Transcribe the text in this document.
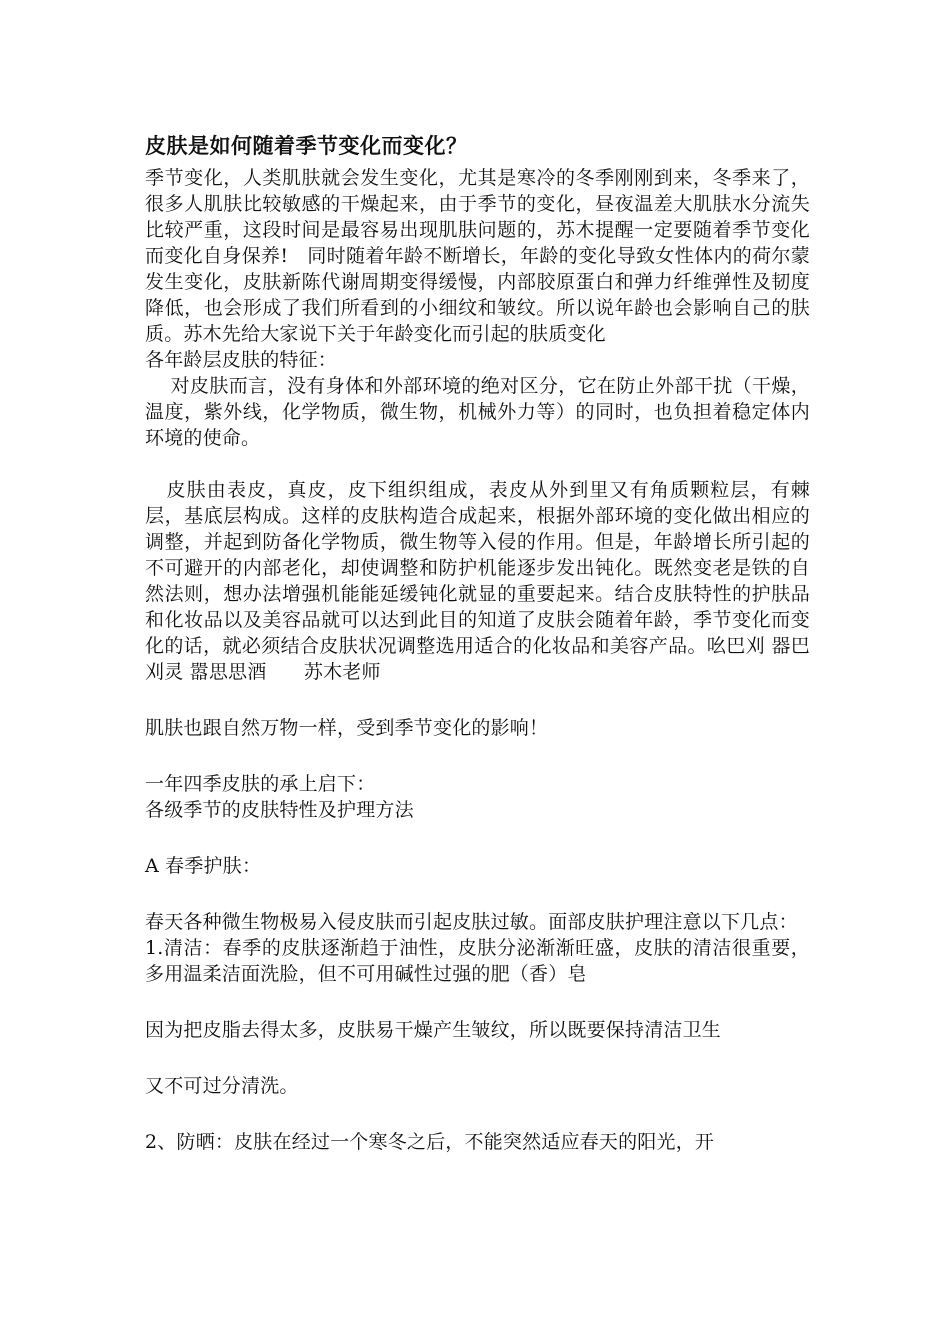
皮肤是如何随着季节变化而变化？

季节变化，人类肌肤就会发生变化，尤其是寒冷的冬季刚刚到来，冬季来了，很多人肌肤比较敏感的干燥起来，由于季节的变化，昼夜温差大肌肤水分流失比较严重，这段时间是最容易出现肌肤问题的，苏木提醒一定要随着季节变化而变化自身保养!   同时随着年龄不断增长，年龄的变化导致女性体内的荷尔蒙发生变化，皮肤新陈代谢周期变得缓慢，内部胶原蛋白和弹力纤维弹性及韧度降低，也会形成了我们所看到的小细纹和皱纹。所以说年龄也会影响自己的肤质。苏木先给大家说下关于年龄变化而引起的肤质变化

各年龄层皮肤的特征：

对皮肤而言，没有身体和外部环境的绝对区分，它在防止外部干扰（干燥，温度，紫外线，化学物质，微生物，机械外力等）的同时，也负担着稳定体内环境的使命。

皮肤由表皮，真皮，皮下组织组成，表皮从外到里又有角质颗粒层，有棘层，基底层构成。这样的皮肤构造合成起来，根据外部环境的变化做出相应的调整，并起到防备化学物质，微生物等入侵的作用。但是，年龄增长所引起的不可避开的内部老化，却使调整和防护机能逐步发出钝化。既然变老是铁的自然法则，想办法增强机能能延缓钝化就显的重要起来。结合皮肤特性的护肤品和化妆品以及美容品就可以达到此目的知道了皮肤会随着年龄，季节变化而变化的话，就必须结合皮肤状况调整选用适合的化妆品和美容产品。吆巴刈 器巴刈灵 嚣思思酒      苏木老师

肌肤也跟自然万物一样，受到季节变化的影响！

一年四季皮肤的承上启下：

各级季节的皮肤特性及护理方法

A 春季护肤：

春天各种微生物极易入侵皮肤而引起皮肤过敏。面部皮肤护理注意以下几点：

1.清洁：春季的皮肤逐渐趋于油性，皮肤分泌渐渐旺盛，皮肤的清洁很重要，多用温柔洁面洗脸，但不可用碱性过强的肥（香）皂

因为把皮脂去得太多，皮肤易干燥产生皱纹，所以既要保持清洁卫生

又不可过分清洗。

2、防晒：皮肤在经过一个寒冬之后，不能突然适应春天的阳光，开
